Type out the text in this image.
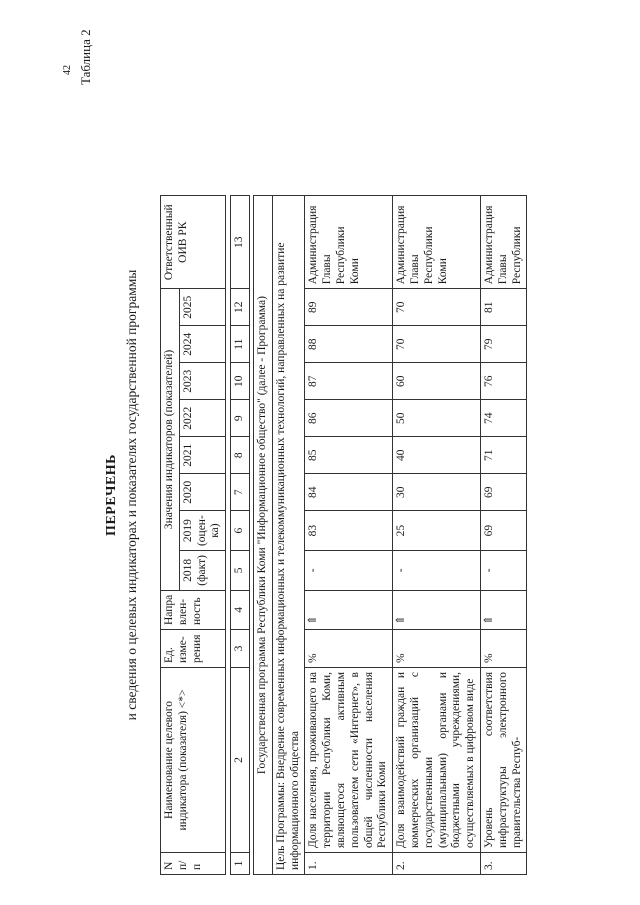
42 Таблица 2
ПЕРЕЧЕНЬ и сведения о целевых индикаторах и показателях государственной программы
N п/п	Наименование целевого индикатора (показателя) <*>	Ед. изме- рения	Напра влен- ность	Значения индикаторов (показателей)								Ответственный ОИВ РК
				2018 (факт)	2019 (оцен- ка)	2020	2021	2022	2023	2024	2025	

1	2	3	4	5	6	7	8	9	10	11	12	13

Государственная программа Республики Коми "Информационное общество" (далее - Программа)												
Цель Программы: Внедрение современных информационных и телекоммуникационных технологий, направленных на развитие информационного общества												
1.	Доля населения, проживающего на территории Республики Коми, являющегося активным пользователем сети «Интернет», в общей численности населения Республики Коми	%	⇑	-	83	84	85	86	87	88	89	Администрация Главы Республики Коми
2.	Доля взаимодействий граждан и коммерческих организаций с государственными (муниципальными) органами и бюджетными учреждениями, осуществляемых в цифровом виде	%	⇑	-	25	30	40	50	60	70	70	Администрация Главы Республики Коми
3.	Уровень соответствия инфраструктуры электронного правительства Респуб-	%	⇑	-	69	69	71	74	76	79	81	Администрация Главы Республики
